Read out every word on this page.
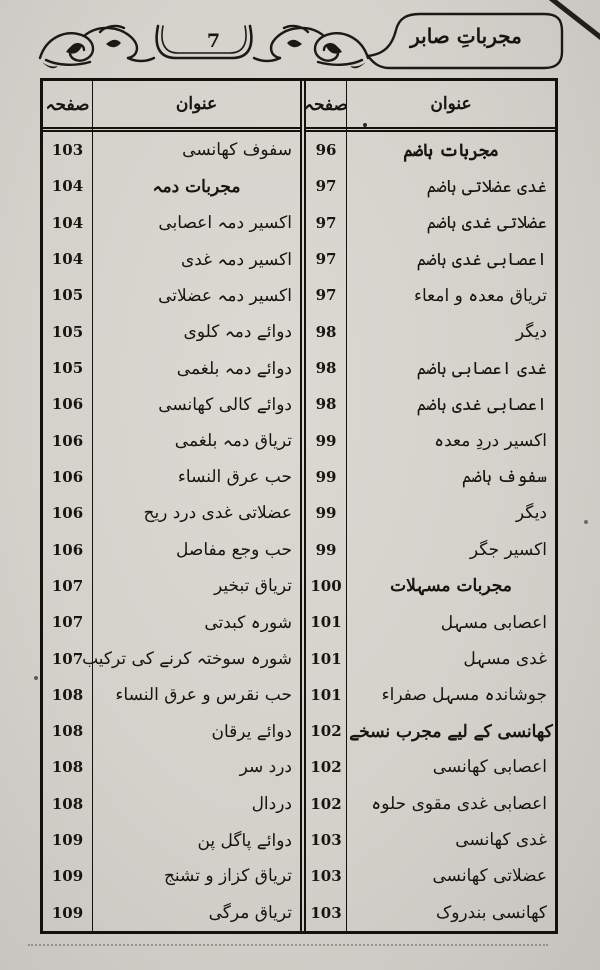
7	مجرباتِ صابر
صفحہ
103
104
104
104
105
105
105
106
106
106
106
106
107
107
107
108
108
108
108
109
109
109
عنوان
سفوف کھانسی
مجربات دمہ
اکسیر دمہ اعصابی
اکسیر دمہ غدی
اکسیر دمہ عضلاتی
دوائے دمہ کلوی
دوائے دمہ بلغمی
دوائے کالی کھانسی
تریاق دمہ بلغمی
حب عرق النساء
عضلاتی غدی درد ریح
حب وجع مفاصل
تریاق تبخیر
شورہ کبدتی
شورہ سوختہ کرنے کی ترکیب
حب نقرس و عرق النساء
دوائے یرقان
درد سر
دردال
دوائے پاگل پن
تریاق کزاز و تشنج
تریاق مرگی
صفحہ
96
97
97
97
97
98
98
98
99
99
99
99
100
101
101
101
102
102
102
103
103
103
عنوان
مجربات ہاضم
غدی عضلاتی ہاضم
عضلاتی غدی ہاضم
اعصابی غدی ہاضم
تریاق معدہ و امعاء
دیگر
غدی اعصابی ہاضم
اعصابی غدی ہاضم
اکسیر دردِ معدہ
سفوف ہاضم
دیگر
اکسیر جگر
مجربات مسہلات
اعصابی مسہل
غدی مسہل
جوشاندہ مسہل صفراء
کھانسی کے لیے مجرب نسخے
اعصابی کھانسی
اعصابی غدی مقوی حلوہ
غدی کھانسی
عضلاتی کھانسی
کھانسی بندروک
